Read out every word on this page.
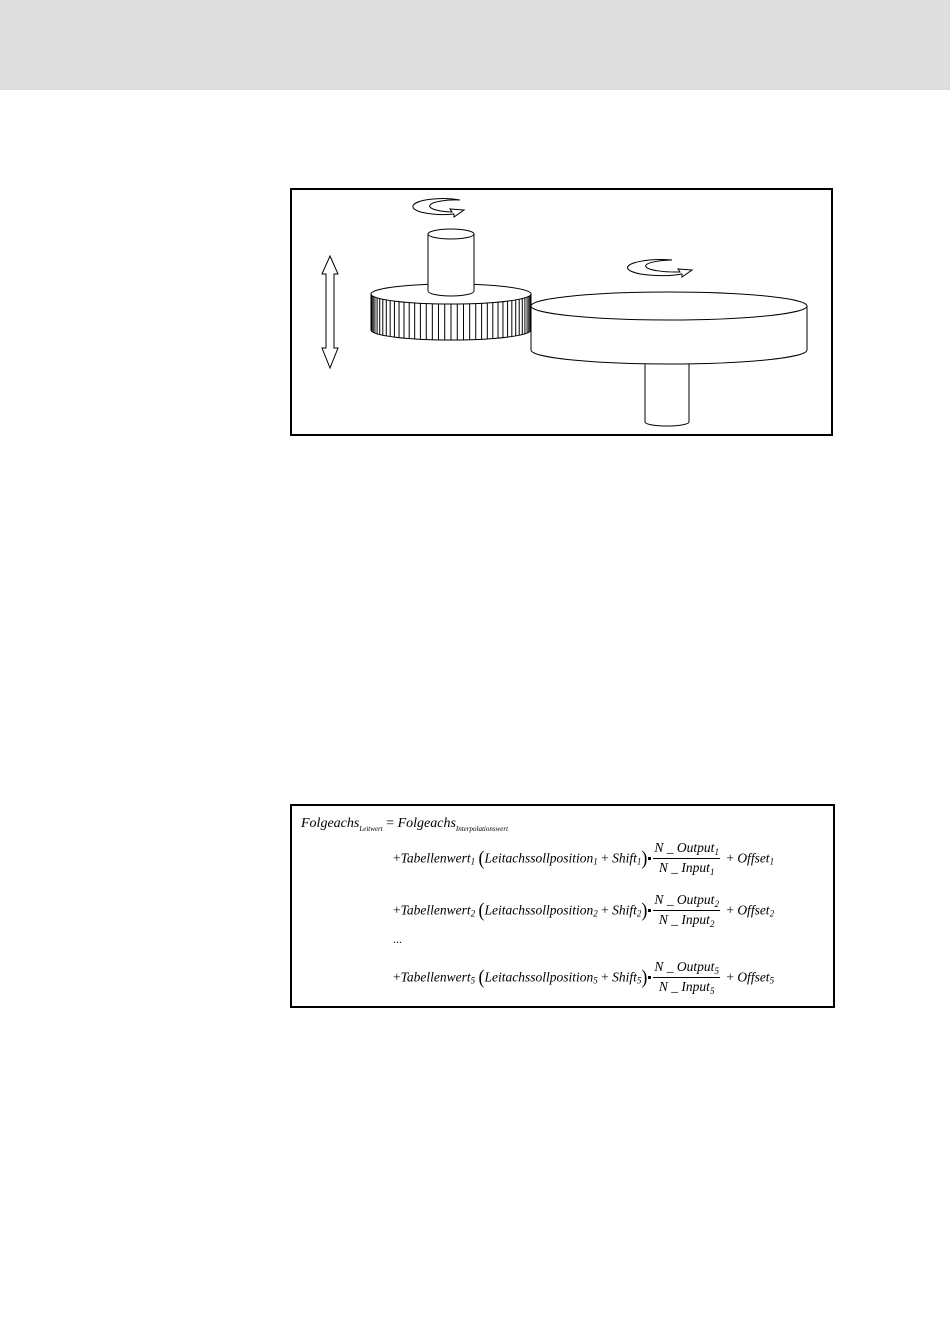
Folgeachs$_{Leitwert}$ = Folgeachs$_{Interpolationswert}$
+Tabellenwert$_1$ (Leitachssollposition$_1$ + Shift$_1$) $\frac{N \_ Output_1}{N \_ Input_1}$ + Offset$_1$
+Tabellenwert$_2$ (Leitachssollposition$_2$ + Shift$_2$) $\frac{N \_ Output_2}{N \_ Input_2}$ + Offset$_2$
...
+Tabellenwert$_5$ (Leitachssollposition$_5$ + Shift$_5$) $\frac{N \_ Output_5}{N \_ Input_5}$ + Offset$_5$
